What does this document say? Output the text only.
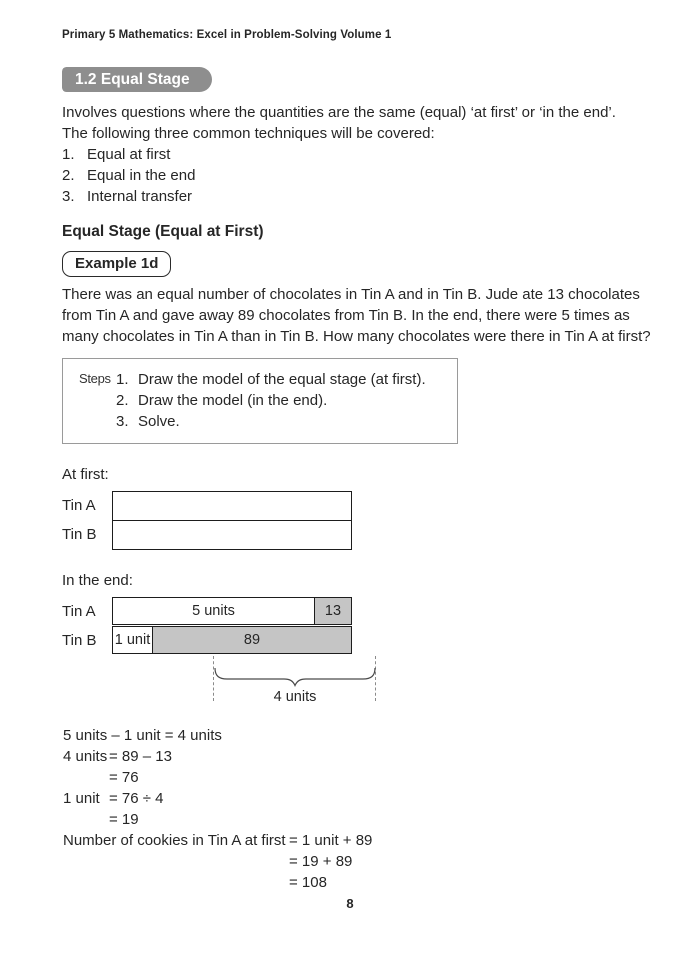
Primary 5 Mathematics: Excel in Problem-Solving Volume 1
1.2 Equal Stage
Involves questions where the quantities are the same (equal) ‘at first’ or ‘in the end’.
The following three common techniques will be covered:
1. Equal at first
2. Equal in the end
3. Internal transfer
Equal Stage (Equal at First)
Example 1d
There was an equal number of chocolates in Tin A and in Tin B. Jude ate 13 chocolates
from Tin A and gave away 89 chocolates from Tin B. In the end, there were 5 times as
many chocolates in Tin A than in Tin B. How many chocolates were there in Tin A at first?
Steps 1. Draw the model of the equal stage (at first).
2. Draw the model (in the end).
3. Solve.
At first:
Tin A
Tin B
In the end:
Tin A
Tin B
5 units	13
1 unit	89
4 units
5 units – 1 unit = 4 units
4 units = 89 – 13
= 76
1 unit = 76 ÷ 4
= 19
Number of cookies in Tin A at first = 1 unit + 89
= 19 + 89
= 108
8
